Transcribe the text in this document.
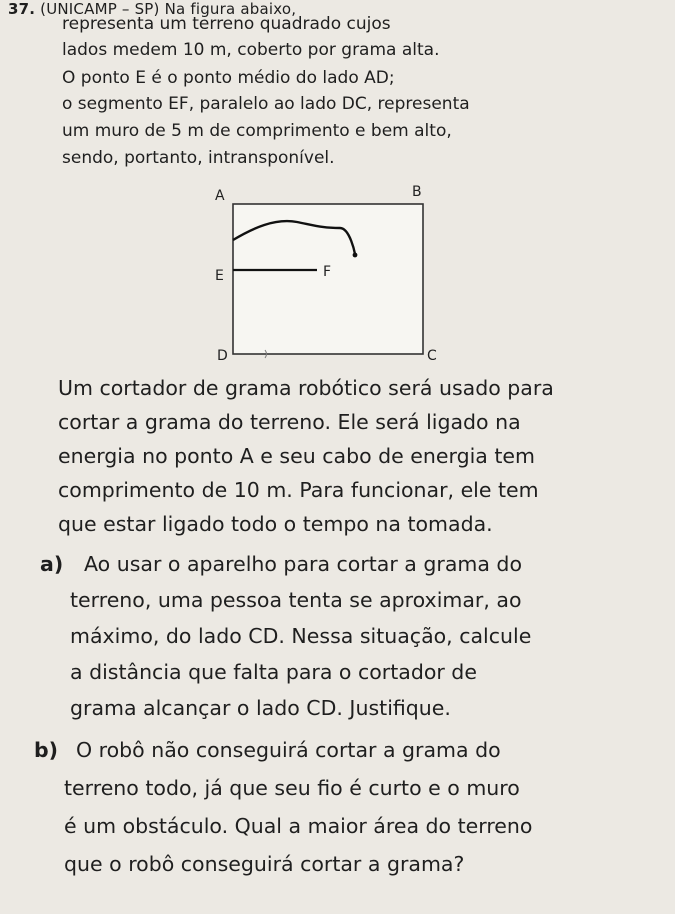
37. (UNICAMP – SP) Na figura abaixo,

representa um terreno quadrado cujos

lados medem 10 m, coberto por grama alta.

O ponto E é o ponto médio do lado AD;

o segmento EF, paralelo ao lado DC, representa

um muro de 5 m de comprimento e bem alto,

sendo, portanto, intransponível.

A	B
C
D
E	F

Um cortador de grama robótico será usado para

cortar a grama do terreno. Ele será ligado na

energia no ponto A e seu cabo de energia tem

comprimento de 10 m. Para funcionar, ele tem

que estar ligado todo o tempo na tomada.

a) Ao usar o aparelho para cortar a grama do

terreno, uma pessoa tenta se aproximar, ao

máximo, do lado CD. Nessa situação, calcule

a distância que falta para o cortador de

grama alcançar o lado CD. Justifique.

b) O robô não conseguirá cortar a grama do

terreno todo, já que seu fio é curto e o muro

é um obstáculo. Qual a maior área do terreno

que o robô conseguirá cortar a grama?
